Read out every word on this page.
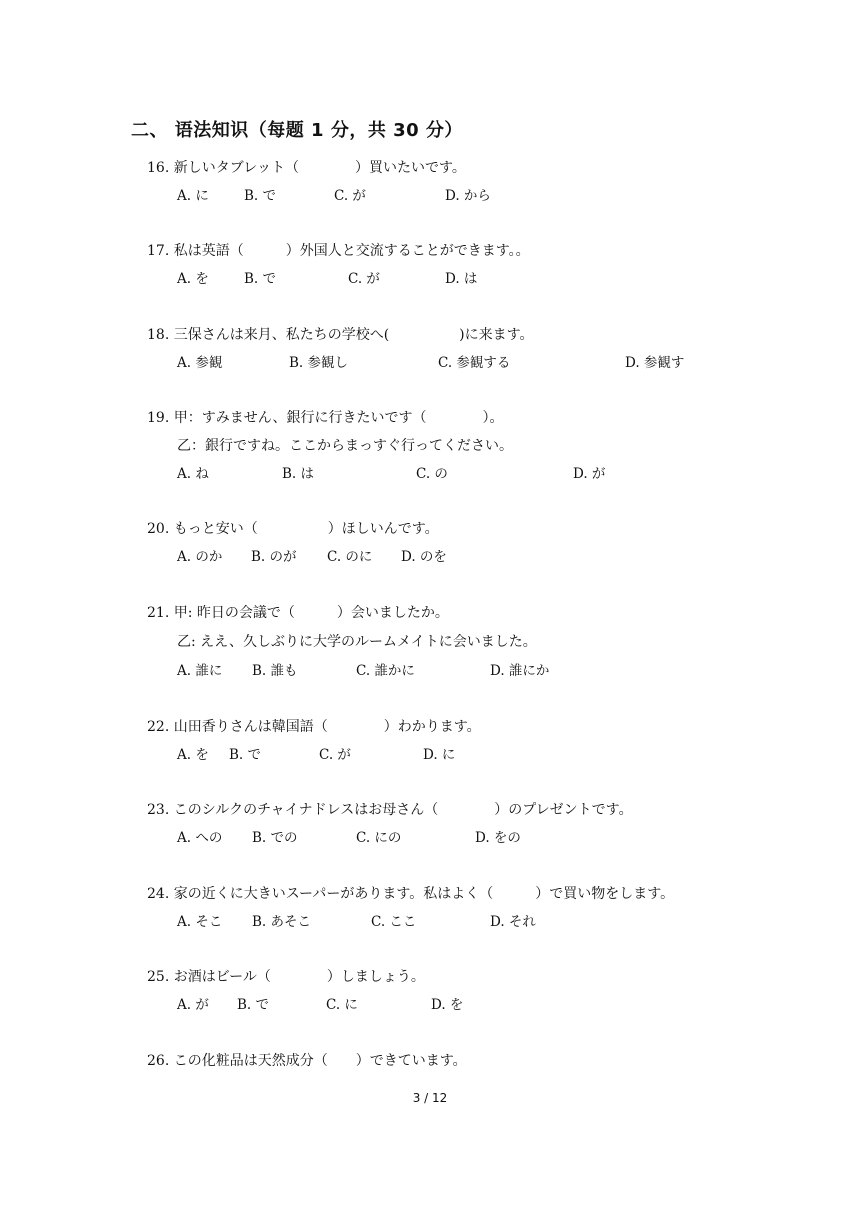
二、 语法知识（每题 1 分，共 30 分）
16. 新しいタブレット（　　　　）買いたいです。
A. に	B. で	C. が	D. から
17. 私は英語（　　　）外国人と交流することができます。。
A. を	B. で	C. が	D. は
18. 三保さんは来月、私たちの学校へ(　　　　　)に来ます。
A. 参観	B. 参観し	C. 参観する	D. 参観す
19. 甲：すみません、銀行に行きたいです（　　　　）。
乙：銀行ですね。ここからまっすぐ行ってください。
A. ね	B. は	C. の	D. が
20. もっと安い（　　　　　）ほしいんです。
A. のか B. のが C. のに D. のを
21. 甲: 昨日の会議で（　　　）会いましたか。
乙: ええ、久しぶりに大学のルームメイトに会いました。
A. 誰に B. 誰も	C. 誰かに	D. 誰にか
22. 山田香りさんは韓国語（　　　　）わかります。
A. を B. で	C. が	D. に
23. このシルクのチャイナドレスはお母さん（　　　　）のプレゼントです。
A. への B. での	C. にの	D. をの
24. 家の近くに大きいスーパーがあります。私はよく（　　　）で買い物をします。
A. そこ B. あそこ	C. ここ	D. それ
25. お酒はビール（　　　　）しましょう。
A. が B. で	C. に	D. を
26. この化粧品は天然成分（　　）できています。
3 / 12
